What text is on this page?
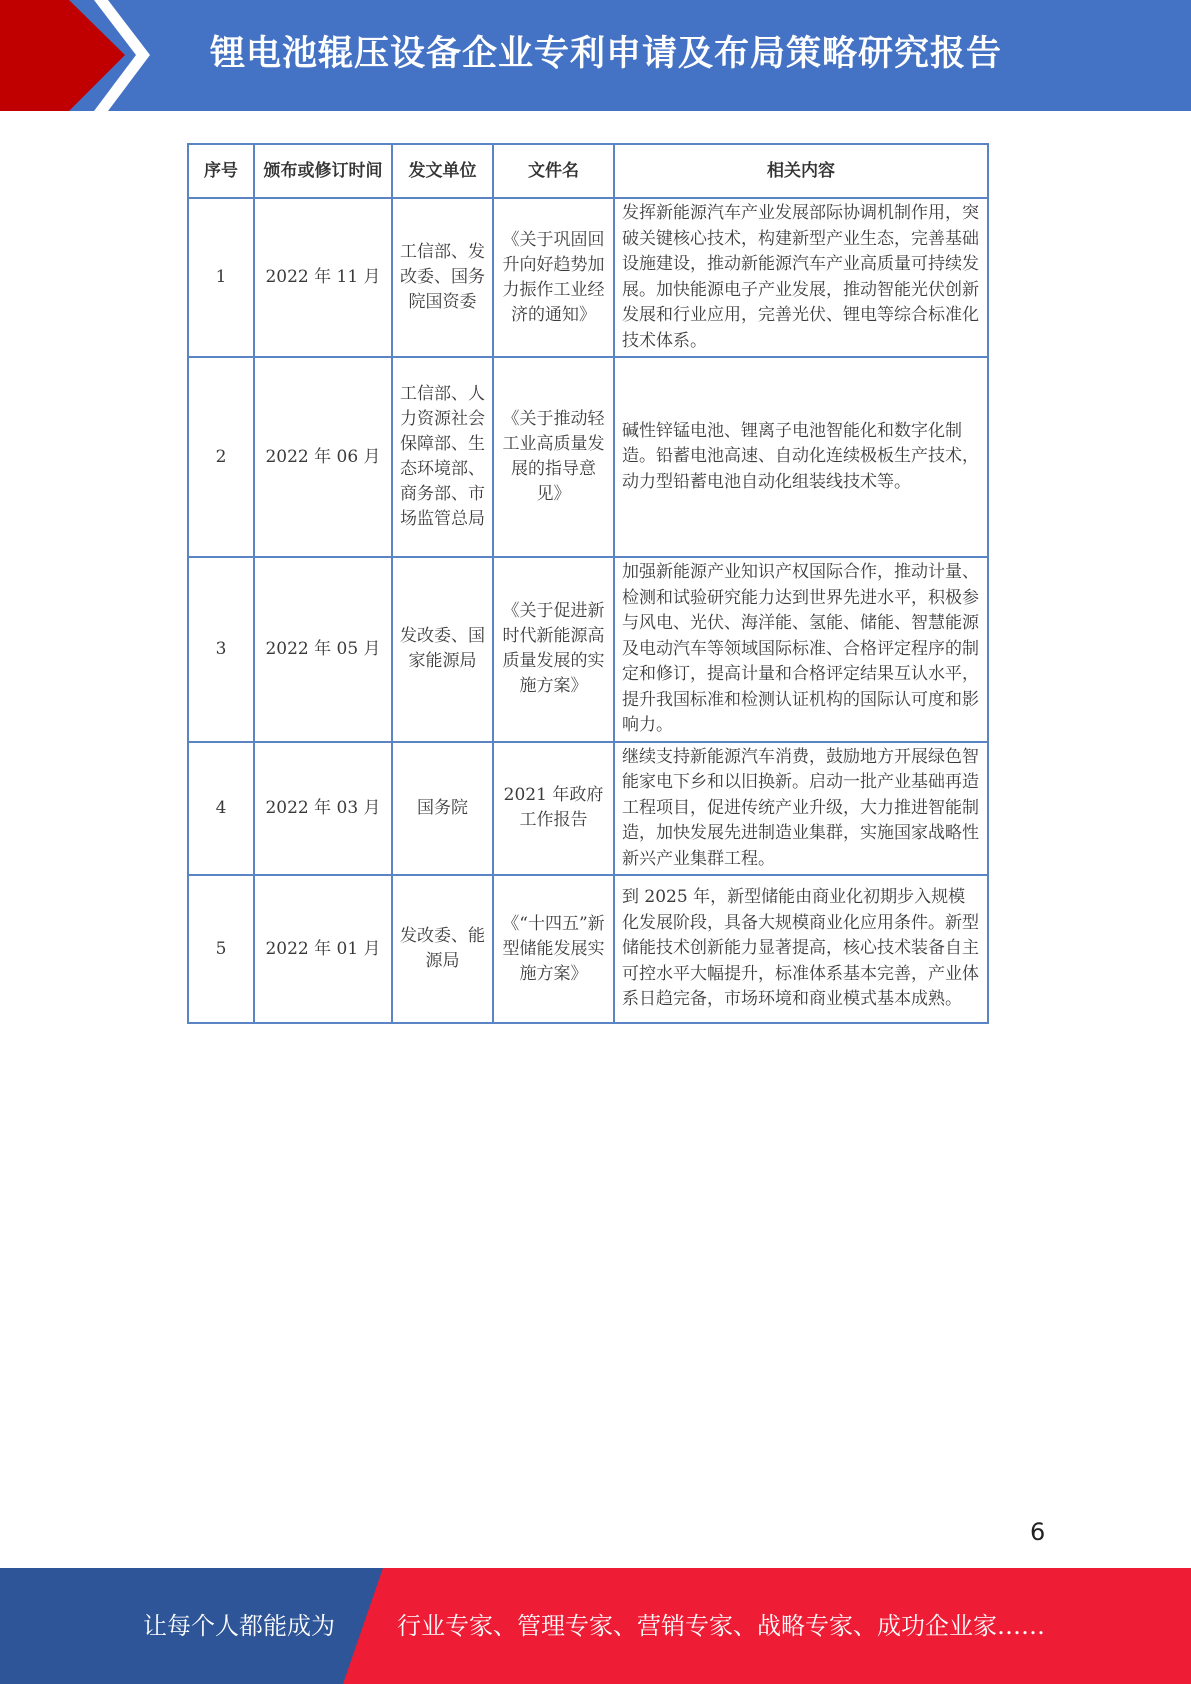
锂电池辊压设备企业专利申请及布局策略研究报告
序号	颁布或修订时间	发文单位	文件名	相关内容
1	2022 年 11 月	工信部、发改委、国务院国资委	《关于巩固回升向好趋势加力振作工业经济的通知》	发挥新能源汽车产业发展部际协调机制作用，突破关键核心技术，构建新型产业生态，完善基础设施建设，推动新能源汽车产业高质量可持续发展。加快能源电子产业发展，推动智能光伏创新发展和行业应用，完善光伏、锂电等综合标准化技术体系。
2	2022 年 06 月	工信部、人力资源社会保障部、生态环境部、商务部、市场监管总局	《关于推动轻工业高质量发展的指导意见》	碱性锌锰电池、锂离子电池智能化和数字化制造。铅蓄电池高速、自动化连续极板生产技术，动力型铅蓄电池自动化组装线技术等。
3	2022 年 05 月	发改委、国家能源局	《关于促进新时代新能源高质量发展的实施方案》	加强新能源产业知识产权国际合作，推动计量、检测和试验研究能力达到世界先进水平，积极参与风电、光伏、海洋能、氢能、储能、智慧能源及电动汽车等领域国际标准、合格评定程序的制定和修订，提高计量和合格评定结果互认水平，提升我国标准和检测认证机构的国际认可度和影响力。
4	2022 年 03 月	国务院	2021 年政府工作报告	继续支持新能源汽车消费，鼓励地方开展绿色智能家电下乡和以旧换新。启动一批产业基础再造工程项目，促进传统产业升级，大力推进智能制造，加快发展先进制造业集群，实施国家战略性新兴产业集群工程。
5	2022 年 01 月	发改委、能源局	《“十四五”新型储能发展实施方案》	到 2025 年，新型储能由商业化初期步入规模化发展阶段，具备大规模商业化应用条件。新型储能技术创新能力显著提高，核心技术装备自主可控水平大幅提升，标准体系基本完善，产业体系日趋完备，市场环境和商业模式基本成熟。
6
让每个人都能成为	行业专家、管理专家、营销专家、战略专家、成功企业家……
